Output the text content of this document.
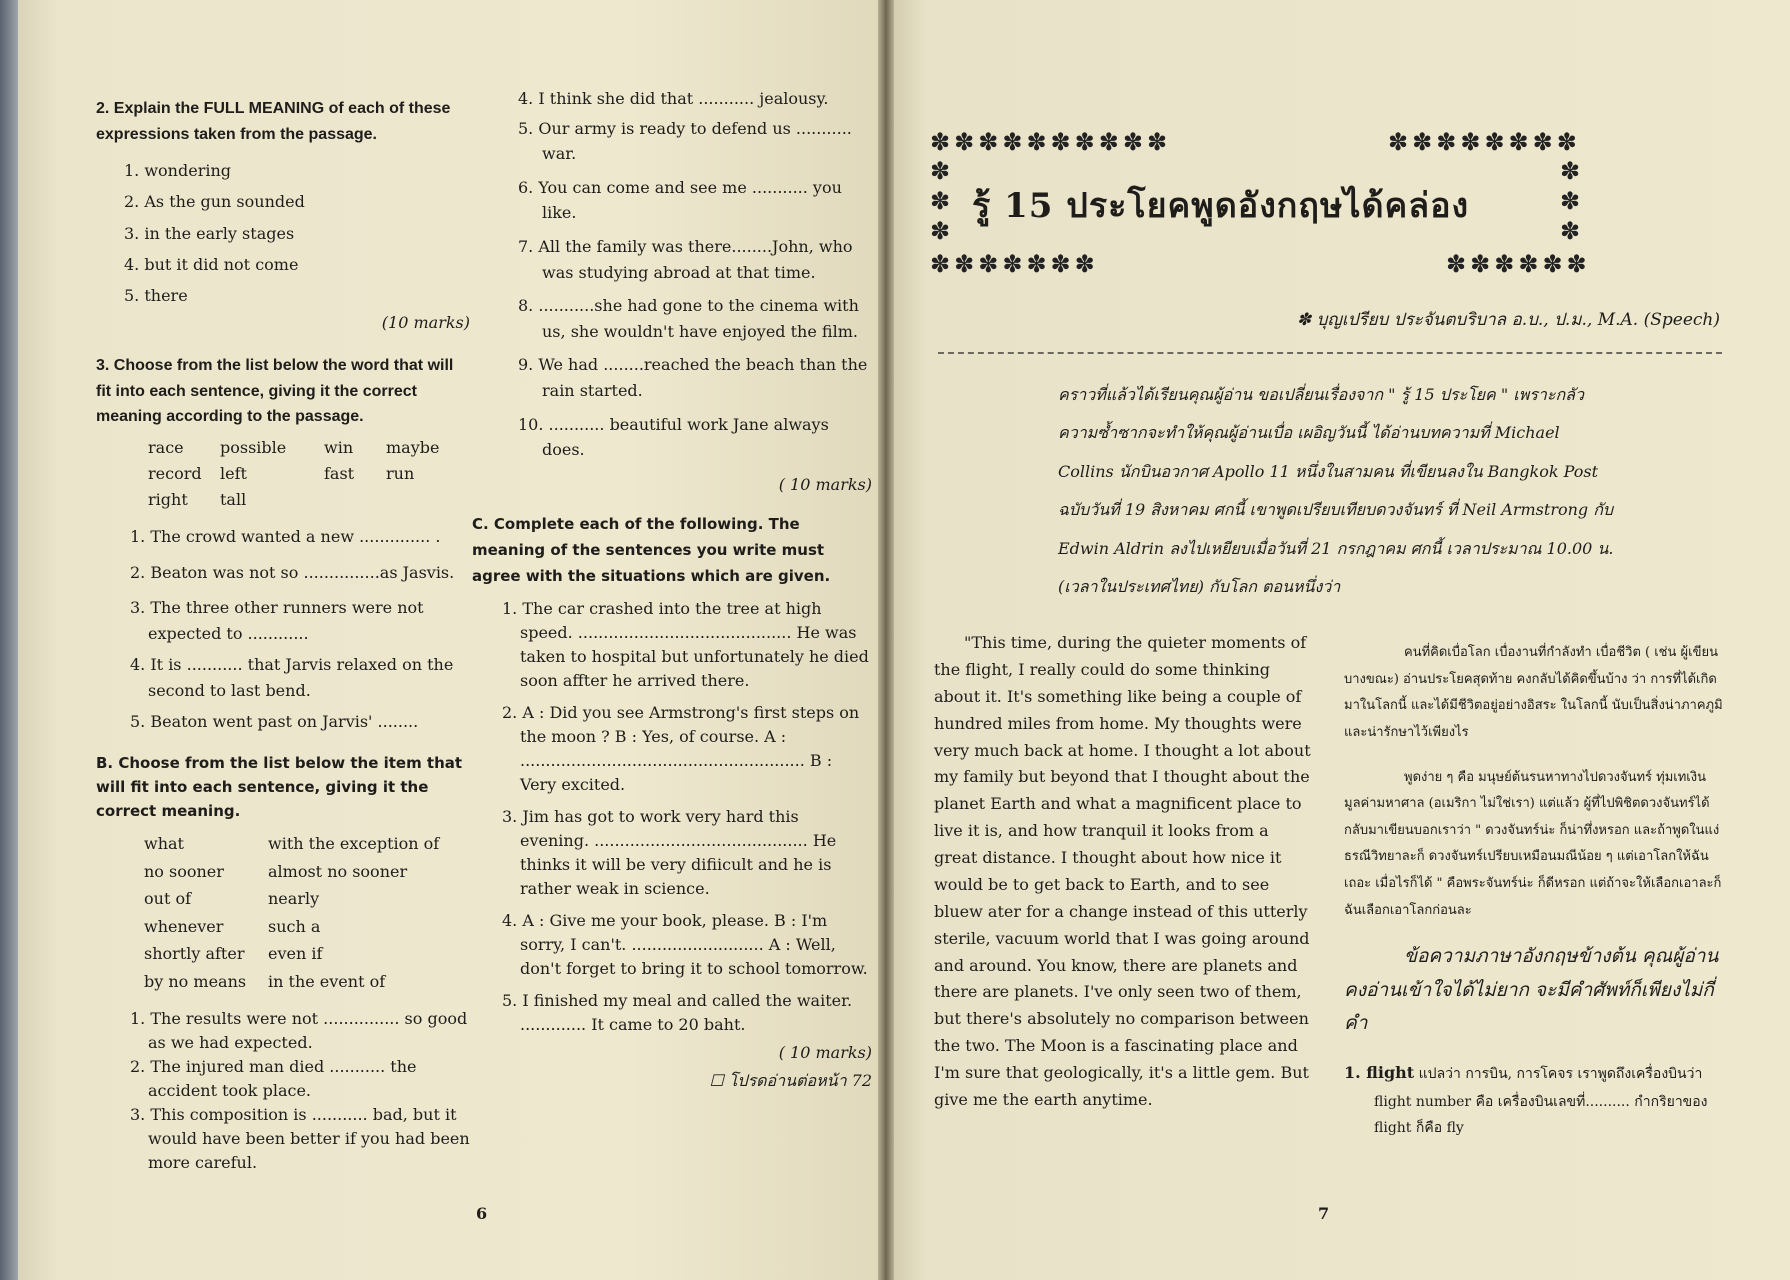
2. Explain the FULL MEANING of each of these expressions taken from the passage.
1. wondering
2. As the gun sounded
3. in the early stages
4. but it did not come
5. there
(10 marks)
3. Choose from the list below the word that will fit into each sentence, giving it the correct meaning according to the passage.
race	possible	win	maybe
record	left	fast	run
right	tall
1. The crowd wanted a new .............. .
2. Beaton was not so ...............as Jasvis.
3. The three other runners were not expected to ............
4. It is ........... that Jarvis relaxed on the second to last bend.
5. Beaton went past on Jarvis' ........
B. Choose from the list below the item that will fit into each sentence, giving it the correct meaning.
what	with the exception of
no sooner	almost no sooner
out of	nearly
whenever	such a
shortly after	even if
by no means	in the event of
1. The results were not ............... so good as we had expected.
2. The injured man died ........... the accident took place.
3. This composition is ........... bad, but it would have been better if you had been more careful.
6
4. I think she did that ........... jealousy.
5. Our army is ready to defend us ........... war.
6. You can come and see me ........... you like.
7. All the family was there........John, who was studying abroad at that time.
8. ...........she had gone to the cinema with us, she wouldn't have enjoyed the film.
9. We had ........reached the beach than the rain started.
10. ........... beautiful work Jane always does.
( 10 marks)
C. Complete each of the following. The meaning of the sentences you write must agree with the situations which are given.
1. The car crashed into the tree at high speed. .......................................... He was taken to hospital but unfortunately he died soon affter he arrived there.
2. A : Did you see Armstrong's first steps on the moon ? B : Yes, of course. A : ........................................................ B : Very excited.
3. Jim has got to work very hard this evening. .......................................... He thinks it will be very difiicult and he is rather weak in science.
4. A : Give me your book, please. B : I'm sorry, I can't. .......................... A : Well, don't forget to bring it to school tomorrow.
5. I finished my meal and called the waiter. ............. It came to 20 baht.
( 10 marks)
☐ โปรดอ่านต่อหน้า 72
✽✽✽✽✽✽✽✽✽✽	✽✽✽✽✽✽✽✽
✽
✽
✽
✽
✽
✽
✽✽✽✽✽✽✽	✽✽✽✽✽✽
รู้ 15 ประโยคพูดอังกฤษได้คล่อง
✽ บุญเปรียบ ประจันตบริบาล อ.บ., ป.ม., M.A. (Speech)
คราวที่แล้วได้เรียนคุณผู้อ่าน ขอเปลี่ยนเรื่องจาก " รู้ 15 ประโยค " เพราะกลัวความซ้ำซากจะทำให้คุณผู้อ่านเบื่อ เผอิญวันนี้ ได้อ่านบทความที่ Michael Collins นักบินอวกาศ Apollo 11 หนึ่งในสามคน ที่เขียนลงใน Bangkok Post ฉบับวันที่ 19 สิงหาคม ศกนี้ เขาพูดเปรียบเทียบดวงจันทร์ ที่ Neil Armstrong กับ Edwin Aldrin ลงไปเหยียบเมื่อวันที่ 21 กรกฎาคม ศกนี้ เวลาประมาณ 10.00 น. (เวลาในประเทศไทย) กับโลก ตอนหนึ่งว่า
"This time, during the quieter moments of the flight, I really could do some thinking about it. It's something like being a couple of hundred miles from home. My thoughts were very much back at home. I thought a lot about my family but beyond that I thought about the planet Earth and what a magnificent place to live it is, and how tranquil it looks from a great distance. I thought about how nice it would be to get back to Earth, and to see bluew ater for a change instead of this utterly sterile, vacuum world that I was going around and around. You know, there are planets and there are planets. I've only seen two of them, but there's absolutely no comparison between the two. The Moon is a fascinating place and I'm sure that geologically, it's a little gem. But give me the earth anytime.
คนที่คิดเบื่อโลก เบื่องานที่กำลังทำ เบื่อชีวิต ( เช่น ผู้เขียนบางขณะ) อ่านประโยคสุดท้าย คงกลับได้คิดขึ้นบ้าง ว่า การที่ได้เกิดมาในโลกนี้ และได้มีชีวิตอยู่อย่างอิสระ ในโลกนี้ นับเป็นสิ่งน่าภาคภูมิและน่ารักษาไว้เพียงไร
พูดง่าย ๆ คือ มนุษย์ต้นรนหาทางไปดวงจันทร์ ทุ่มเทเงินมูลค่ามหาศาล (อเมริกา ไม่ใช่เรา) แต่แล้ว ผู้ที่ไปพิชิตดวงจันทร์ได้ กลับมาเขียนบอกเราว่า " ดวงจันทร์น่ะ ก็น่าทึ่งหรอก และถ้าพูดในแง่ธรณีวิทยาละก็ ดวงจันทร์เปรียบเหมือนมณีน้อย ๆ แต่เอาโลกให้ฉันเถอะ เมื่อไรก็ได้ " คือพระจันทร์น่ะ ก็ดีหรอก แต่ถ้าจะให้เลือกเอาละก็ ฉันเลือกเอาโลกก่อนละ
ข้อความภาษาอังกฤษข้างต้น คุณผู้อ่านคงอ่านเข้าใจได้ไม่ยาก จะมีคำศัพท์ก็เพียงไม่กี่คำ
1. flight แปลว่า การบิน, การโคจร เราพูดถึงเครื่องบินว่า flight number คือ เครื่องบินเลขที่.......... กำกริยาของ flight ก็คือ fly
7
